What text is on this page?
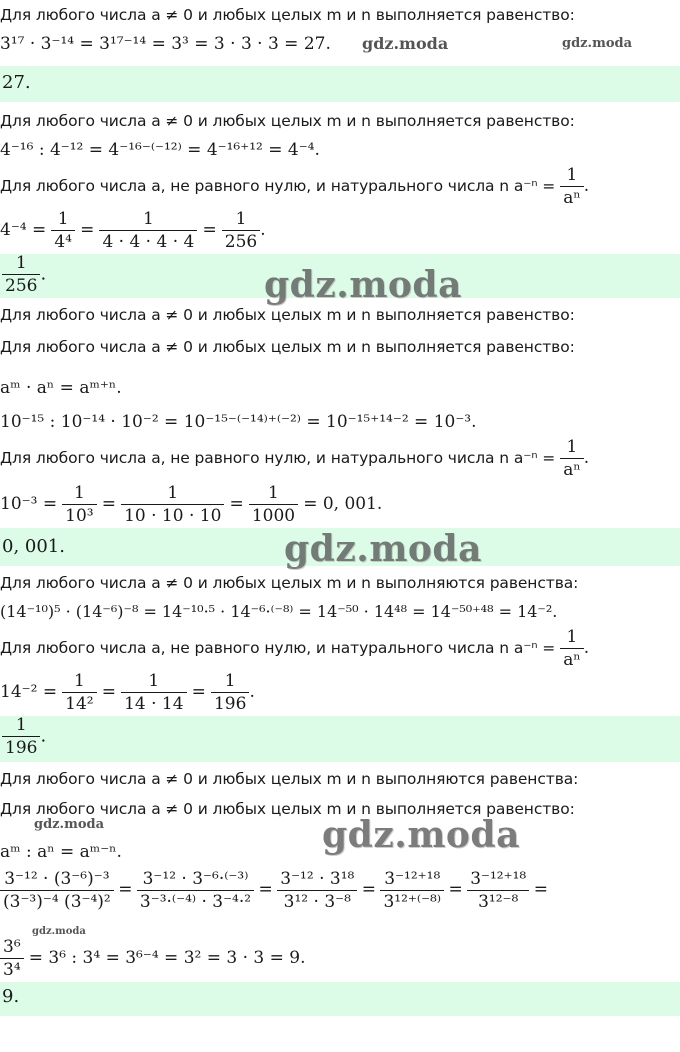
Для любого числа a ≠ 0 и любых целых m и n выполняется равенство:
3¹⁷ · 3⁻¹⁴ = 3¹⁷⁻¹⁴ = 3³ = 3 · 3 · 3 = 27.	gdz.moda	gdz.moda
27.
Для любого числа a ≠ 0 и любых целых m и n выполняется равенство:
4⁻¹⁶ : 4⁻¹² = 4⁻¹⁶⁻⁽⁻¹²⁾ = 4⁻¹⁶⁺¹² = 4⁻⁴.
Для любого числа a, не равного нулю, и натурального числа n $a^{-n} = \frac{1}{\text{aⁿ}}$ .
$4^{-4} = \frac{1}{\text{4⁴}} = \frac{1}{4 \cdot 4 \cdot 4 \cdot 4} = \frac{1}{256}$ .
$\frac{1}{256}$ .	gdz.moda
Для любого числа a ≠ 0 и любых целых m и n выполняется равенство:
Для любого числа a ≠ 0 и любых целых m и n выполняется равенство:
aᵐ · aⁿ = aᵐ⁺ⁿ.
10⁻¹⁵ : 10⁻¹⁴ · 10⁻² = 10⁻¹⁵⁻⁽⁻¹⁴⁾⁺⁽⁻²⁾ = 10⁻¹⁵⁺¹⁴⁻² = 10⁻³.
Для любого числа a, не равного нулю, и натурального числа n $a^{-n} = \frac{1}{\text{aⁿ}}$ .
$10^{-3} = \frac{1}{\text{10³}} = \frac{1}{10 \cdot 10 \cdot 10} = \frac{1}{1000} = 0$, 001.
0, 001.	gdz.moda
Для любого числа a ≠ 0 и любых целых m и n выполняются равенства:
(14⁻¹⁰)⁵ · (14⁻⁶)⁻⁸ = 14⁻¹⁰·⁵ · 14⁻⁶·⁽⁻⁸⁾ = 14⁻⁵⁰ · 14⁴⁸ = 14⁻⁵⁰⁺⁴⁸ = 14⁻².
Для любого числа a, не равного нулю, и натурального числа n $a^{-n} = \frac{1}{\text{aⁿ}}$ .
$14^{-2} = \frac{1}{\text{14²}} = \frac{1}{14 \cdot 14} = \frac{1}{196}$ .
$\frac{1}{196}$ .
Для любого числа a ≠ 0 и любых целых m и n выполняются равенства:
Для любого числа a ≠ 0 и любых целых m и n выполняется равенство:
gdz.moda	gdz.moda
aᵐ : aⁿ = aᵐ⁻ⁿ.
$\frac{\text{3⁻¹² · (3⁻⁶)⁻³}}{\text{(3⁻³)⁻⁴ (3⁻⁴)²}} = \frac{\text{3⁻¹² · 3⁻⁶·⁽⁻³⁾}}{\text{3⁻³·⁽⁻⁴⁾ · 3⁻⁴·²}} = \frac{\text{3⁻¹² · 3¹⁸}}{\text{3¹² · 3⁻⁸}} = \frac{\text{3⁻¹²⁺¹⁸}}{\text{3¹²⁺⁽⁻⁸⁾}} = \frac{\text{3⁻¹²⁺¹⁸}}{\text{3¹²⁻⁸}}$ =
gdz.moda
$\frac{\text{3⁶}}{\text{3⁴}} = 3^6$ : 3⁴ = 3⁶⁻⁴ = 3² = 3 · 3 = 9.
9.
